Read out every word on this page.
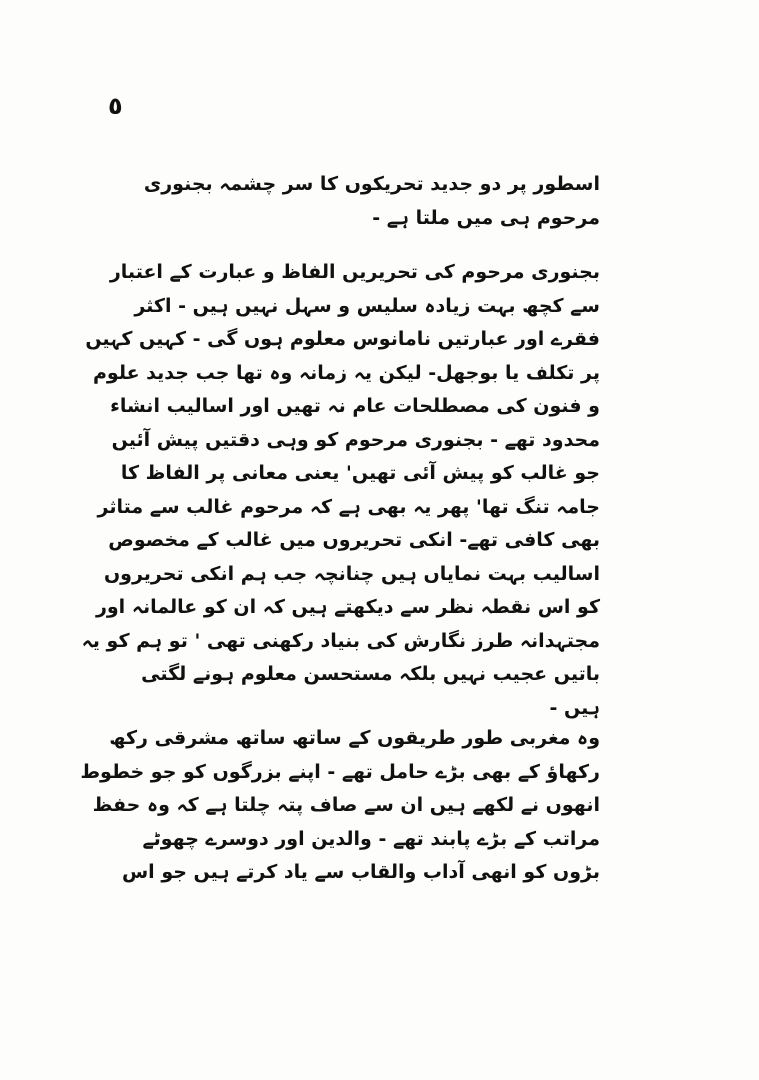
٥
اسطور پر دو جدید تحریکوں کا سر چشمہ بجنوری
مرحوم ہی میں ملتا ہے -
بجنوری مرحوم کی تحریریں الفاظ و عبارت کے اعتبار
سے کچھ بہت زیادہ سلیس و سہل نہیں ہیں - اکثر
فقرے اور عبارتیں نامانوس معلوم ہوں گی - کہیں کہیں
پر تکلف یا بوجھل- لیکن یہ زمانہ وہ تھا جب جدید علوم
و فنون کی مصطلحات عام نہ تھیں اور اسالیب انشاء
محدود تھے - بجنوری مرحوم کو وہی دقتیں پیش آئیں
جو غالب کو پیش آئی تھیں' یعنی معانی پر الفاظ کا
جامہ تنگ تھا' پھر یہ بھی ہے کہ مرحوم غالب سے متاثر
بھی کافی تھے- انکی تحریروں میں غالب کے مخصوص
اسالیب بہت نمایاں ہیں چنانچہ جب ہم انکی تحریروں
کو اس نقطہ نظر سے دیکھتے ہیں کہ ان کو عالمانہ اور
مجتہدانہ طرز نگارش کی بنیاد رکھنی تھی ' تو ہم کو یہ
باتیں عجیب نہیں بلکہ مستحسن معلوم ہونے لگتی
ہیں -
وہ مغربی طور طریقوں کے ساتھ ساتھ مشرقی رکھ
رکھاؤ کے بھی بڑے حامل تھے - اپنے بزرگوں کو جو خطوط
انھوں نے لکھے ہیں ان سے صاف پتہ چلتا ہے کہ وہ حفظ
مراتب کے بڑے پابند تھے - والدین اور دوسرے چھوٹے
بڑوں کو انھی آداب والقاب سے یاد کرتے ہیں جو اس
